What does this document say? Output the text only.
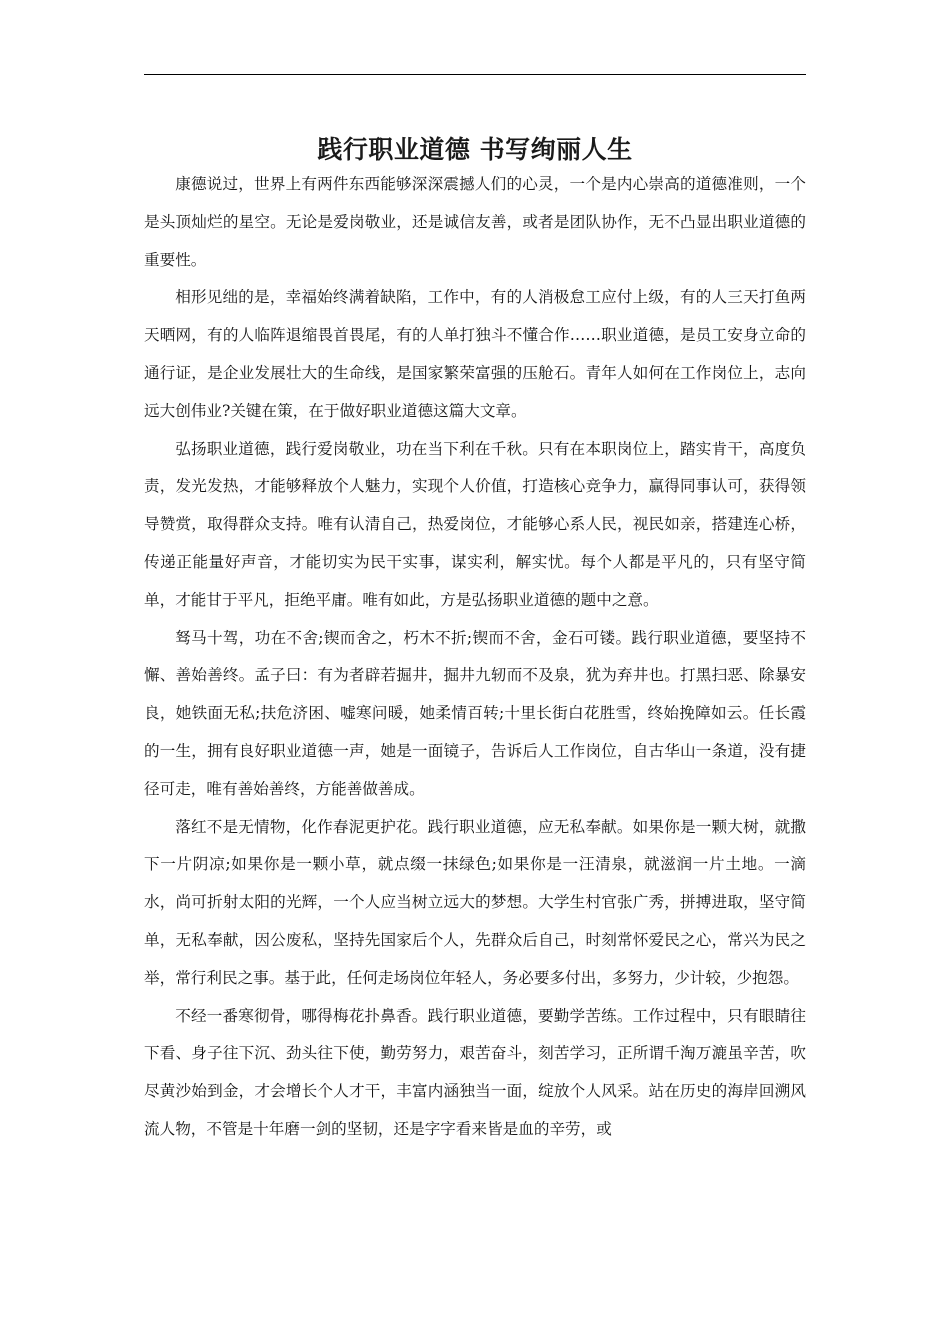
践行职业道德 书写绚丽人生

康德说过，世界上有两件东西能够深深震撼人们的心灵，一个是内心崇高的道德准则，一个是头顶灿烂的星空。无论是爱岗敬业，还是诚信友善，或者是团队协作，无不凸显出职业道德的重要性。

相形见绌的是，幸福始终满着缺陷，工作中，有的人消极怠工应付上级，有的人三天打鱼两天晒网，有的人临阵退缩畏首畏尾，有的人单打独斗不懂合作……职业道德，是员工安身立命的通行证，是企业发展壮大的生命线，是国家繁荣富强的压舱石。青年人如何在工作岗位上，志向远大创伟业?关键在策，在于做好职业道德这篇大文章。

弘扬职业道德，践行爱岗敬业，功在当下利在千秋。只有在本职岗位上，踏实肯干，高度负责，发光发热，才能够释放个人魅力，实现个人价值，打造核心竞争力，赢得同事认可，获得领导赞赏，取得群众支持。唯有认清自己，热爱岗位，才能够心系人民，视民如亲，搭建连心桥，传递正能量好声音，才能切实为民干实事，谋实利，解实忧。每个人都是平凡的，只有坚守简单，才能甘于平凡，拒绝平庸。唯有如此，方是弘扬职业道德的题中之意。

驽马十驾，功在不舍;锲而舍之，朽木不折;锲而不舍，金石可镂。践行职业道德，要坚持不懈、善始善终。孟子曰：有为者辟若掘井，掘井九轫而不及泉，犹为弃井也。打黑扫恶、除暴安良，她铁面无私;扶危济困、嘘寒问暖，她柔情百转;十里长街白花胜雪，终始挽障如云。任长霞的一生，拥有良好职业道德一声，她是一面镜子，告诉后人工作岗位，自古华山一条道，没有捷径可走，唯有善始善终，方能善做善成。

落红不是无情物，化作春泥更护花。践行职业道德，应无私奉献。如果你是一颗大树，就撒下一片阴凉;如果你是一颗小草，就点缀一抹绿色;如果你是一汪清泉，就滋润一片土地。一滴水，尚可折射太阳的光辉，一个人应当树立远大的梦想。大学生村官张广秀，拼搏进取，坚守简单，无私奉献，因公废私，坚持先国家后个人，先群众后自己，时刻常怀爱民之心，常兴为民之举，常行利民之事。基于此，任何走场岗位年轻人，务必要多付出，多努力，少计较，少抱怨。

不经一番寒彻骨，哪得梅花扑鼻香。践行职业道德，要勤学苦练。工作过程中，只有眼睛往下看、身子往下沉、劲头往下使，勤劳努力，艰苦奋斗，刻苦学习，正所谓千淘万漉虽辛苦，吹尽黄沙始到金，才会增长个人才干，丰富内涵独当一面，绽放个人风采。站在历史的海岸回溯风流人物，不管是十年磨一剑的坚韧，还是字字看来皆是血的辛劳，或
